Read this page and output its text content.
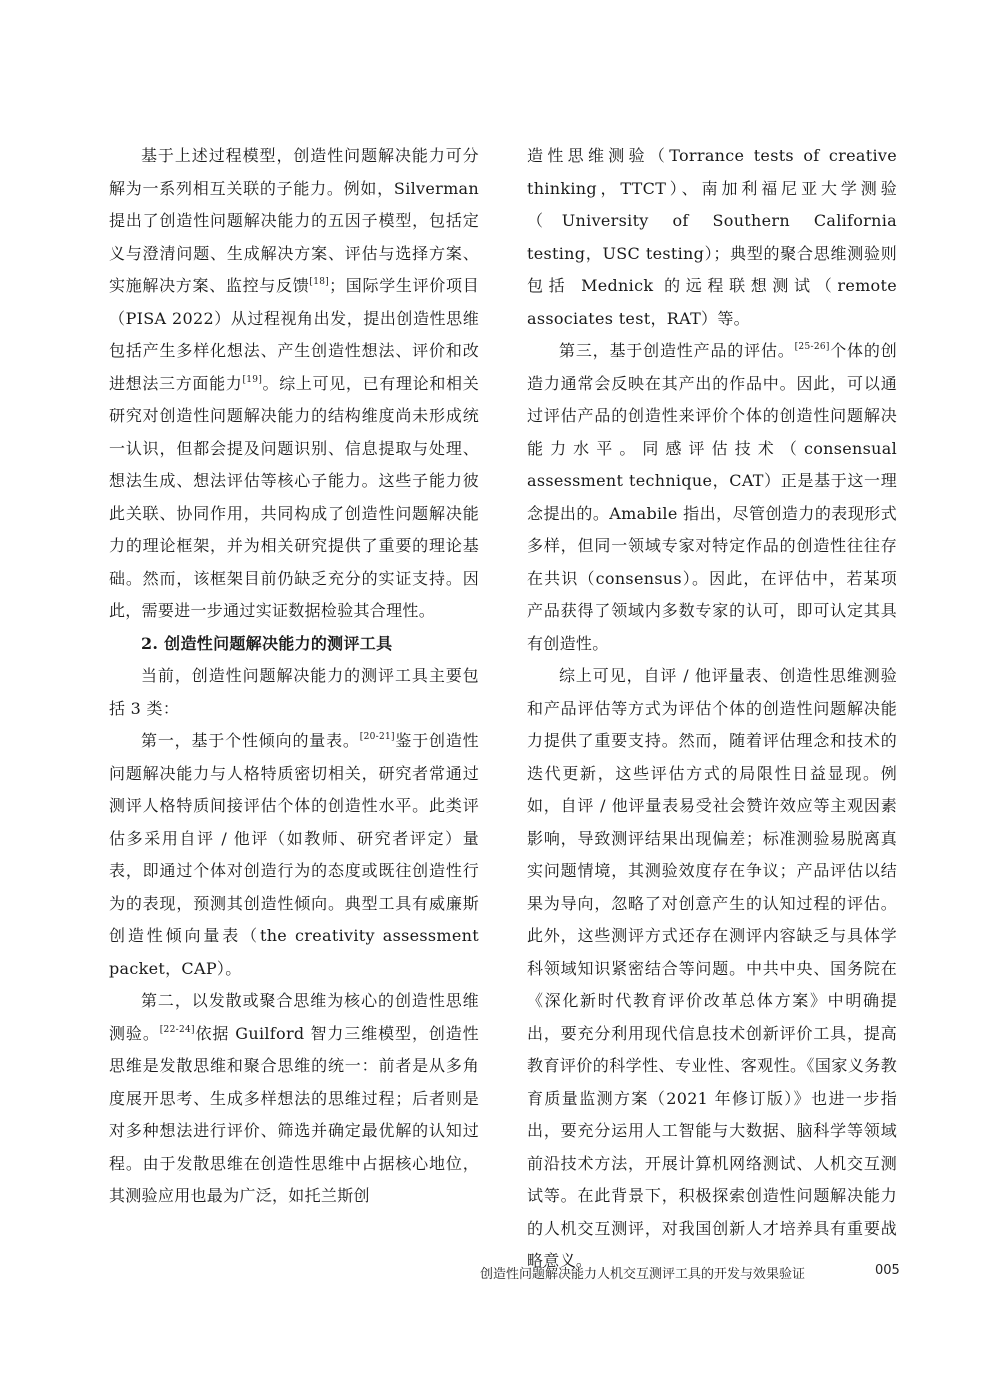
基于上述过程模型，创造性问题解决能力可分解为一系列相互关联的子能力。例如，Silverman提出了创造性问题解决能力的五因子模型，包括定义与澄清问题、生成解决方案、评估与选择方案、实施解决方案、监控与反馈[18]；国际学生评价项目（PISA 2022）从过程视角出发，提出创造性思维包括产生多样化想法、产生创造性想法、评价和改进想法三方面能力[19]。综上可见，已有理论和相关研究对创造性问题解决能力的结构维度尚未形成统一认识，但都会提及问题识别、信息提取与处理、想法生成、想法评估等核心子能力。这些子能力彼此关联、协同作用，共同构成了创造性问题解决能力的理论框架，并为相关研究提供了重要的理论基础。然而，该框架目前仍缺乏充分的实证支持。因此，需要进一步通过实证数据检验其合理性。

2. 创造性问题解决能力的测评工具

当前，创造性问题解决能力的测评工具主要包括 3 类：

第一，基于个性倾向的量表。[20-21]鉴于创造性问题解决能力与人格特质密切相关，研究者常通过测评人格特质间接评估个体的创造性水平。此类评估多采用自评 / 他评（如教师、研究者评定）量表，即通过个体对创造行为的态度或既往创造性行为的表现，预测其创造性倾向。典型工具有威廉斯创造性倾向量表（the creativity assessment packet，CAP）。

第二，以发散或聚合思维为核心的创造性思维测验。[22-24]依据 Guilford 智力三维模型，创造性思维是发散思维和聚合思维的统一：前者是从多角度展开思考、生成多样想法的思维过程；后者则是对多种想法进行评价、筛选并确定最优解的认知过程。由于发散思维在创造性思维中占据核心地位，其测验应用也最为广泛，如托兰斯创

造性思维测验（Torrance tests of creative thinking，TTCT）、南加利福尼亚大学测验（University of Southern California testing，USC testing）；典型的聚合思维测验则包括 Mednick 的远程联想测试（remote associates test，RAT）等。

第三，基于创造性产品的评估。[25-26]个体的创造力通常会反映在其产出的作品中。因此，可以通过评估产品的创造性来评价个体的创造性问题解决能力水平。同感评估技术（consensual assessment technique，CAT）正是基于这一理念提出的。Amabile 指出，尽管创造力的表现形式多样，但同一领域专家对特定作品的创造性往往存在共识（consensus）。因此，在评估中，若某项产品获得了领域内多数专家的认可，即可认定其具有创造性。

综上可见，自评 / 他评量表、创造性思维测验和产品评估等方式为评估个体的创造性问题解决能力提供了重要支持。然而，随着评估理念和技术的迭代更新，这些评估方式的局限性日益显现。例如，自评 / 他评量表易受社会赞许效应等主观因素影响，导致测评结果出现偏差；标准测验易脱离真实问题情境，其测验效度存在争议；产品评估以结果为导向，忽略了对创意产生的认知过程的评估。此外，这些测评方式还存在测评内容缺乏与具体学科领域知识紧密结合等问题。中共中央、国务院在《深化新时代教育评价改革总体方案》中明确提出，要充分利用现代信息技术创新评价工具，提高教育评价的科学性、专业性、客观性。《国家义务教育质量监测方案（2021 年修订版）》也进一步指出，要充分运用人工智能与大数据、脑科学等领域前沿技术方法，开展计算机网络测试、人机交互测试等。在此背景下，积极探索创造性问题解决能力的人机交互测评，对我国创新人才培养具有重要战略意义。

创造性问题解决能力人机交互测评工具的开发与效果验证	005
